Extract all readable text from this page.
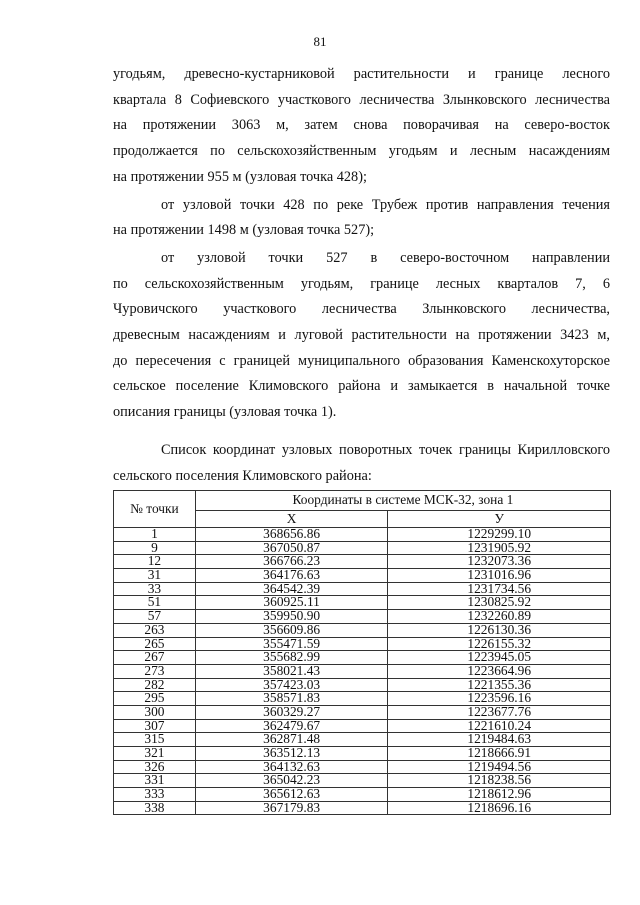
81
угодьям, древесно-кустарниковой растительности и границе лесного
квартала 8 Софиевского участкового лесничества Злынковского лесничества
на протяжении 3063 м, затем снова поворачивая на северо-восток
продолжается по сельскохозяйственным угодьям и лесным насаждениям
на протяжении 955 м (узловая точка 428);
от узловой точки 428 по реке Трубеж против направления течения
на протяжении 1498 м (узловая точка 527);
от узловой точки 527 в северо-восточном направлении
по сельскохозяйственным угодьям, границе лесных кварталов 7, 6
Чуровичского участкового лесничества Злынковского лесничества,
древесным насаждениям и луговой растительности на протяжении 3423 м,
до пересечения с границей муниципального образования Каменскохуторское
сельское поселение Климовского района и замыкается в начальной точке
описания границы (узловая точка 1).
Список координат узловых поворотных точек границы Кирилловского
сельского поселения Климовского района:
№ точки	Координаты в системе МСК-32, зона 1	
	Х	У
1	368656.86	1229299.10
9	367050.87	1231905.92
12	366766.23	1232073.36
31	364176.63	1231016.96
33	364542.39	1231734.56
51	360925.11	1230825.92
57	359950.90	1232260.89
263	356609.86	1226130.36
265	355471.59	1226155.32
267	355682.99	1223945.05
273	358021.43	1223664.96
282	357423.03	1221355.36
295	358571.83	1223596.16
300	360329.27	1223677.76
307	362479.67	1221610.24
315	362871.48	1219484.63
321	363512.13	1218666.91
326	364132.63	1219494.56
331	365042.23	1218238.56
333	365612.63	1218612.96
338	367179.83	1218696.16
